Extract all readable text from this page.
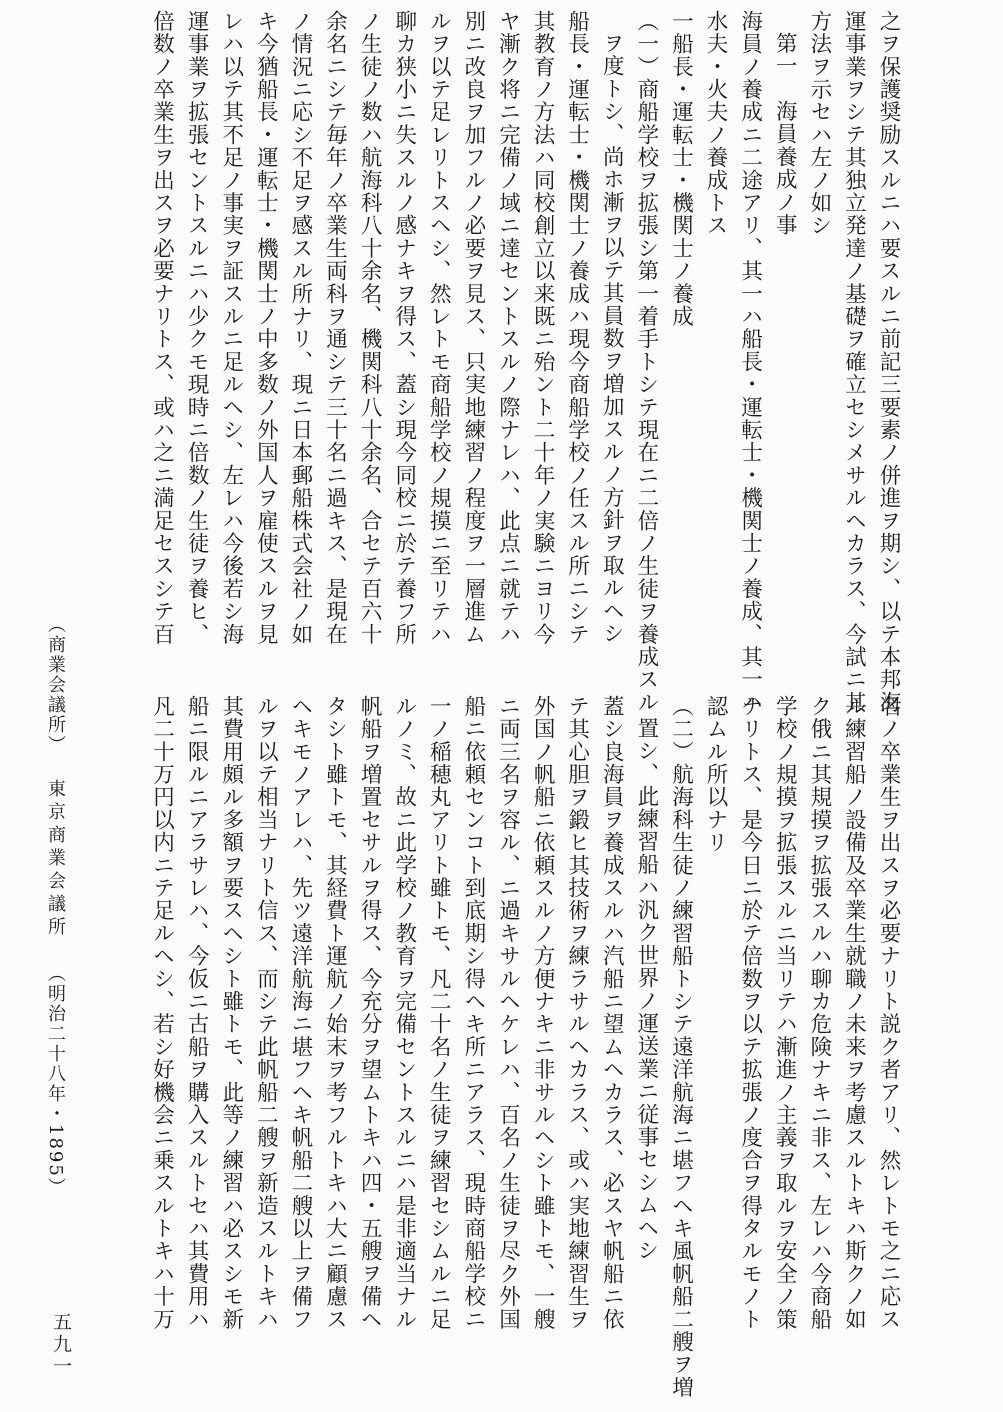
之ヲ保護奨励スルニハ要スルニ前記三要素ノ併進ヲ期シ、以テ本邦海
運事業ヲシテ其独立発達ノ基礎ヲ確立セシメサルヘカラス、今試ニ其
方法ヲ示セハ左ノ如シ
第一　海員養成ノ事
海員ノ養成ニ二途アリ、其一ハ船長・運転士・機関士ノ養成、其一ハ
水夫・火夫ノ養成トス
一船長・運転士・機関士ノ養成
（一）商船学校ヲ拡張シ第一着手トシテ現在ニ二倍ノ生徒ヲ養成スル
ヲ度トシ、尚ホ漸ヲ以テ其員数ヲ増加スルノ方針ヲ取ルヘシ
船長・運転士・機関士ノ養成ハ現今商船学校ノ任スル所ニシテ
其教育ノ方法ハ同校創立以来既ニ殆ント二十年ノ実験ニヨリ今
ヤ漸ク将ニ完備ノ域ニ達セントスルノ際ナレハ、此点ニ就テハ
別ニ改良ヲ加フルノ必要ヲ見ス、只実地練習ノ程度ヲ一層進ム
ルヲ以テ足レリトスヘシ、然レトモ商船学校ノ規摸ニ至リテハ
聊カ狭小ニ失スルノ感ナキヲ得ス、蓋シ現今同校ニ於テ養フ所
ノ生徒ノ数ハ航海科八十余名、機関科八十余名、合セテ百六十
余名ニシテ毎年ノ卒業生両科ヲ通シテ三十名ニ過キス、是現在
ノ情況ニ応シ不足ヲ感スル所ナリ、現ニ日本郵船株式会社ノ如
キ今猶船長・運転士・機関士ノ中多数ノ外国人ヲ雇使スルヲ見
レハ以テ其不足ノ事実ヲ証スルニ足ルヘシ、左レハ今後若シ海
運事業ヲ拡張セントスルニハ少クモ現時ニ倍数ノ生徒ヲ養ヒ、
倍数ノ卒業生ヲ出スヲ必要ナリトス、或ハ之ニ満足セスシテ百
名ノ卒業生ヲ出スヲ必要ナリト説ク者アリ、然レトモ之ニ応ス
ル練習船ノ設備及卒業生就職ノ未来ヲ考慮スルトキハ斯クノ如
ク俄ニ其規摸ヲ拡張スルハ聊カ危険ナキニ非ス、左レハ今商船
学校ノ規摸ヲ拡張スルニ当リテハ漸進ノ主義ヲ取ルヲ安全ノ策
ナリトス、是今日ニ於テ倍数ヲ以テ拡張ノ度合ヲ得タルモノト
認ムル所以ナリ
（二）航海科生徒ノ練習船トシテ遠洋航海ニ堪フヘキ風帆船二艘ヲ増
置シ、此練習船ハ汎ク世界ノ運送業ニ従事セシムヘシ
蓋シ良海員ヲ養成スルハ汽船ニ望ムヘカラス、必スヤ帆船ニ依
テ其心胆ヲ鍛ヒ其技術ヲ練ラサルヘカラス、或ハ実地練習生ヲ
外国ノ帆船ニ依頼スルノ方便ナキニ非サルヘシト雖トモ、一艘
ニ両三名ヲ容ル、ニ過キサルヘケレハ、百名ノ生徒ヲ尽ク外国
船ニ依頼センコト到底期シ得ヘキ所ニアラス、現時商船学校ニ
一ノ稲穂丸アリト雖トモ、凡二十名ノ生徒ヲ練習セシムルニ足
ルノミ、故ニ此学校ノ教育ヲ完備セントスルニハ是非適当ナル
帆船ヲ増置セサルヲ得ス、今充分ヲ望ムトキハ四・五艘ヲ備ヘ
タシト雖トモ、其経費ト運航ノ始末ヲ考フルトキハ大ニ顧慮ス
ヘキモノアレハ、先ツ遠洋航海ニ堪フヘキ帆船二艘以上ヲ備フ
ルヲ以テ相当ナリト信ス、而シテ此帆船二艘ヲ新造スルトキハ
其費用頗ル多額ヲ要スヘシト雖トモ、此等ノ練習ハ必スシモ新
船ニ限ルニアラサレハ、今仮ニ古船ヲ購入スルトセハ其費用ハ
凡二十万円以内ニテ足ルヘシ、若シ好機会ニ乗スルトキハ十万
（商業会議所）東京商業会議所（明治二十八年・1895）
五九一
